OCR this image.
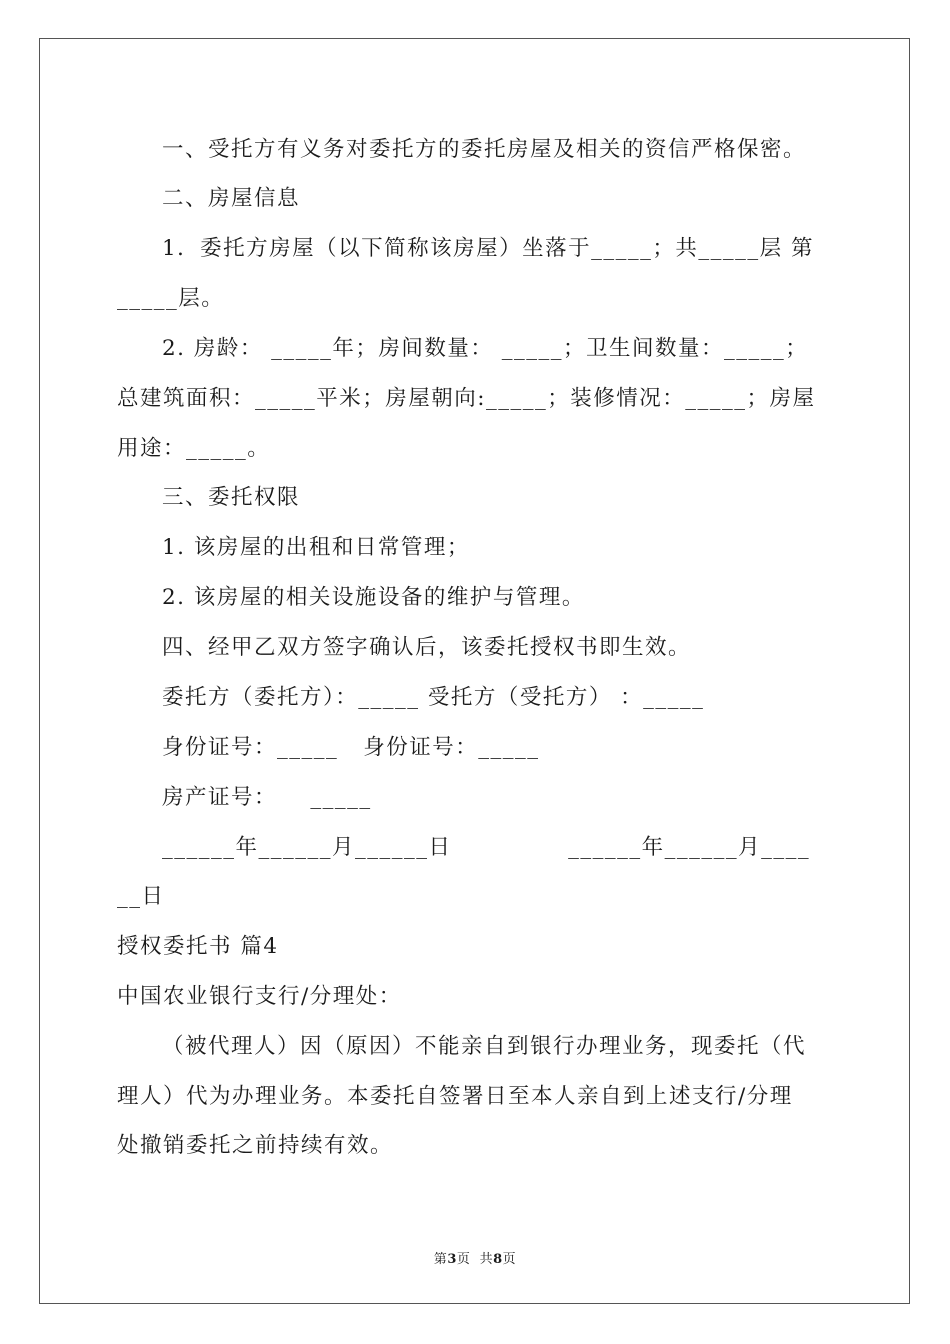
一、受托方有义务对委托方的委托房屋及相关的资信严格保密。
二、房屋信息
1．委托方房屋（以下简称该房屋）坐落于_____；共_____层 第
_____层。
2. 房龄： _____年；房间数量： _____；卫生间数量：_____；
总建筑面积：_____平米；房屋朝向:_____；装修情况：_____；房屋
用途：_____。
三、委托权限
1. 该房屋的出租和日常管理；
2. 该房屋的相关设施设备的维护与管理。
四、经甲乙双方签字确认后，该委托授权书即生效。
委托方（委托方）：_____ 受托方（受托方） ：_____
身份证号：_____   身份证号：_____
房产证号：    _____
______年______月______日              ______年______月____
__日
授权委托书 篇4
中国农业银行支行/分理处：
（被代理人）因（原因）不能亲自到银行办理业务，现委托（代
理人）代为办理业务。本委托自签署日至本人亲自到上述支行/分理
处撤销委托之前持续有效。
第3页  共8页
